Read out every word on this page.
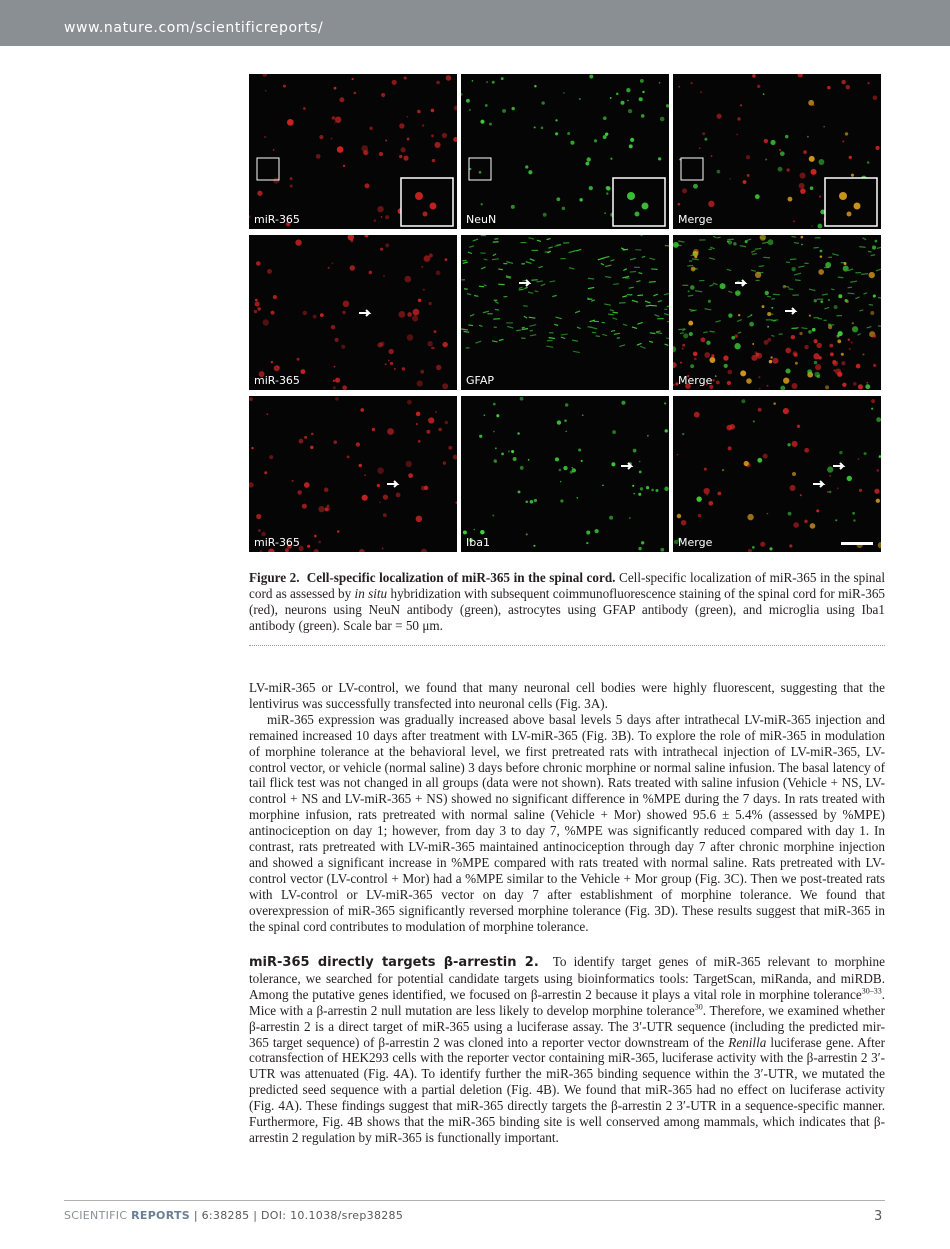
www.nature.com/scientificreports/
miR-365	NeuN	Merge
miR-365	GFAP	Merge
miR-365	Iba1	Merge
Figure 2. Cell-specific localization of miR-365 in the spinal cord. Cell-specific localization of miR-365 in the spinal cord as assessed by in situ hybridization with subsequent coimmunofluorescence staining of the spinal cord for miR-365 (red), neurons using NeuN antibody (green), astrocytes using GFAP antibody (green), and microglia using Iba1 antibody (green). Scale bar = 50 μm.

LV-miR-365 or LV-control, we found that many neuronal cell bodies were highly fluorescent, suggesting that the lentivirus was successfully transfected into neuronal cells (Fig. 3A).

miR-365 expression was gradually increased above basal levels 5 days after intrathecal LV-miR-365 injection and remained increased 10 days after treatment with LV-miR-365 (Fig. 3B). To explore the role of miR-365 in modulation of morphine tolerance at the behavioral level, we first pretreated rats with intrathecal injection of LV-miR-365, LV-control vector, or vehicle (normal saline) 3 days before chronic morphine or normal saline infusion. The basal latency of tail flick test was not changed in all groups (data were not shown). Rats treated with saline infusion (Vehicle + NS, LV-control + NS and LV-miR-365 + NS) showed no significant difference in %MPE during the 7 days. In rats treated with morphine infusion, rats pretreated with normal saline (Vehicle + Mor) showed 95.6 ± 5.4% (assessed by %MPE) antinociception on day 1; however, from day 3 to day 7, %MPE was significantly reduced compared with day 1. In contrast, rats pretreated with LV-miR-365 maintained antinociception through day 7 after chronic morphine injection and showed a significant increase in %MPE compared with rats treated with normal saline. Rats pretreated with LV-control vector (LV-control + Mor) had a %MPE similar to the Vehicle + Mor group (Fig. 3C). Then we post-treated rats with LV-control or LV-miR-365 vector on day 7 after establishment of morphine tolerance. We found that overexpression of miR-365 significantly reversed morphine tolerance (Fig. 3D). These results suggest that miR-365 in the spinal cord contributes to modulation of morphine tolerance.

miR-365 directly targets β-arrestin 2. To identify target genes of miR-365 relevant to morphine tolerance, we searched for potential candidate targets using bioinformatics tools: TargetScan, miRanda, and miRDB. Among the putative genes identified, we focused on β-arrestin 2 because it plays a vital role in morphine tolerance$^{30-33}$. Mice with a β-arrestin 2 null mutation are less likely to develop morphine tolerance$^{30}$. Therefore, we examined whether β-arrestin 2 is a direct target of miR-365 using a luciferase assay. The 3′-UTR sequence (including the predicted mir-365 target sequence) of β-arrestin 2 was cloned into a reporter vector downstream of the Renilla luciferase gene. After cotransfection of HEK293 cells with the reporter vector containing miR-365, luciferase activity with the β-arrestin 2 3′-UTR was attenuated (Fig. 4A). To identify further the miR-365 binding sequence within the 3′-UTR, we mutated the predicted seed sequence with a partial deletion (Fig. 4B). We found that miR-365 had no effect on luciferase activity (Fig. 4A). These findings suggest that miR-365 directly targets the β-arrestin 2 3′-UTR in a sequence-specific manner. Furthermore, Fig. 4B shows that the miR-365 binding site is well conserved among mammals, which indicates that β-arrestin 2 regulation by miR-365 is functionally important.

SCIENTIFIC REPORTS | 6:38285 | DOI: 10.1038/srep38285	3
